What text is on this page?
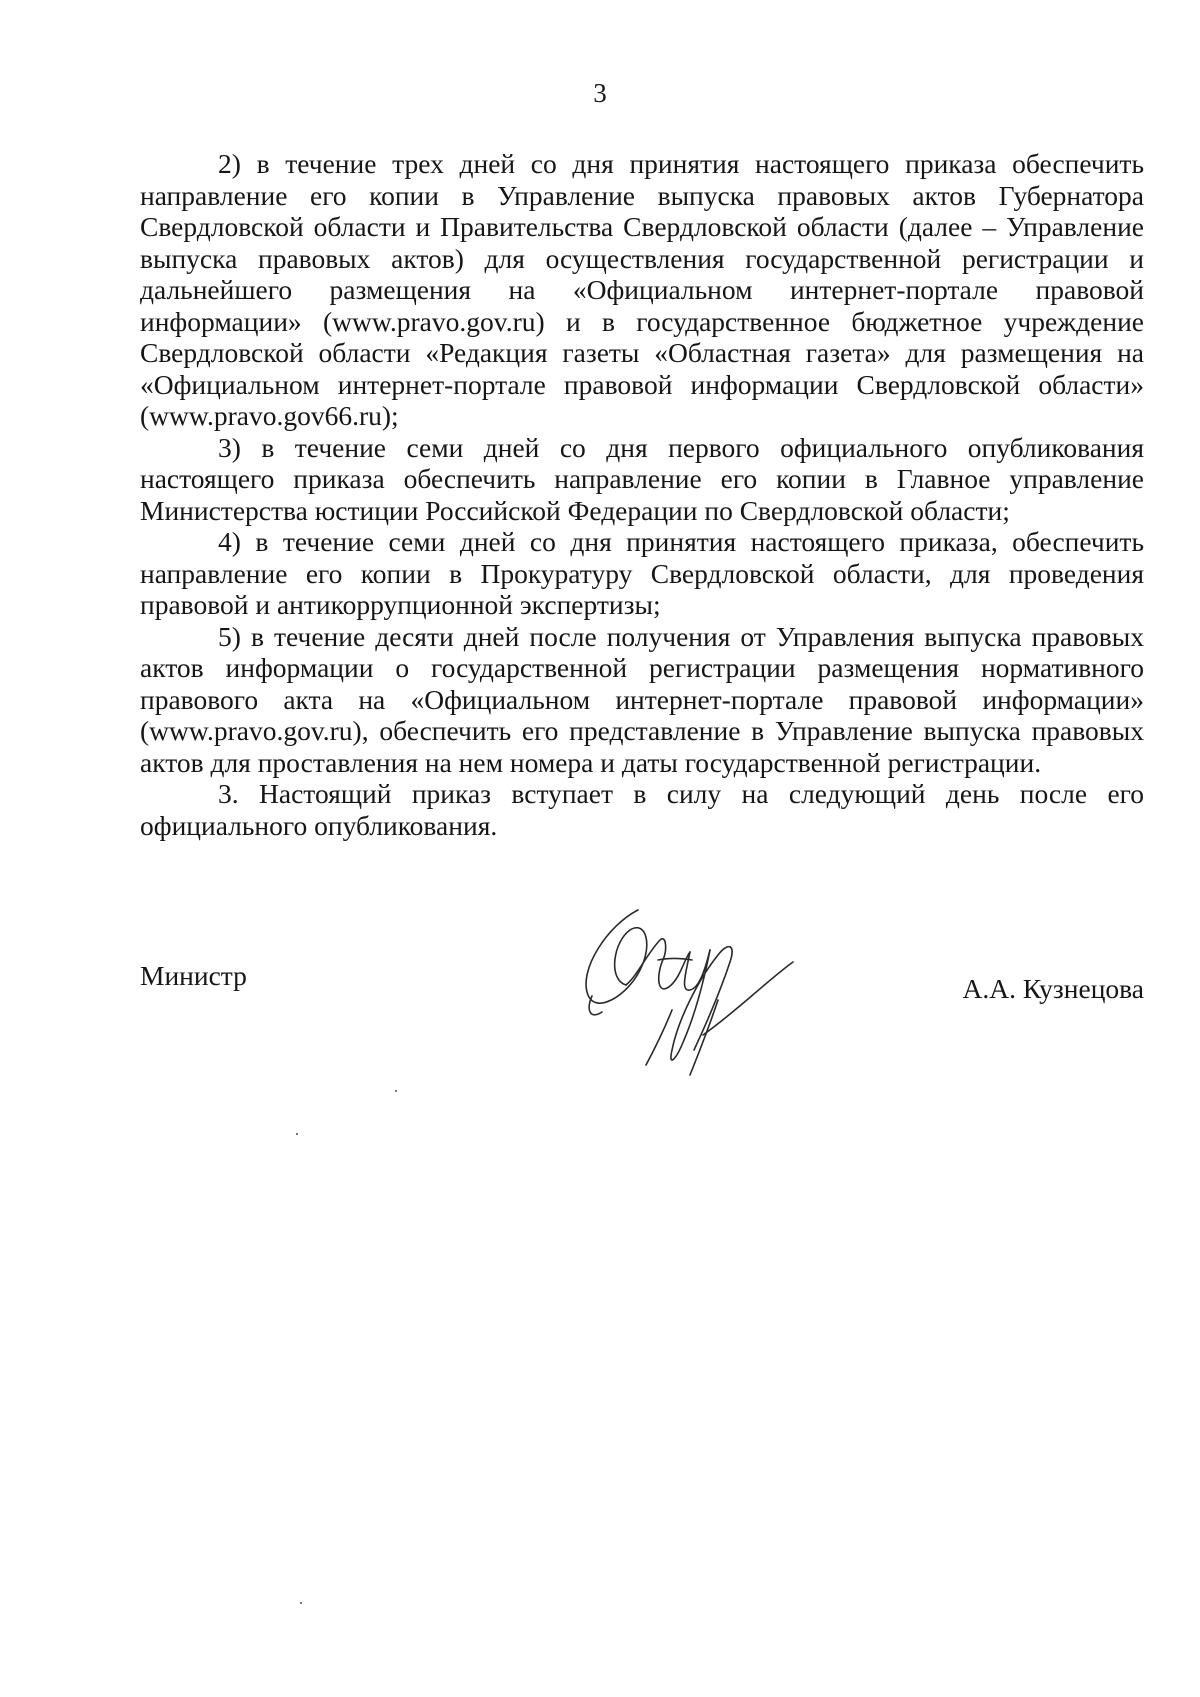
3

2) в течение трех дней со дня принятия настоящего приказа обеспечить направление его копии в Управление выпуска правовых актов Губернатора Свердловской области и Правительства Свердловской области (далее – Управление выпуска правовых актов) для осуществления государственной регистрации и дальнейшего размещения на «Официальном интернет-портале правовой информации» (www.pravo.gov.ru) и в государственное бюджетное учреждение Свердловской области «Редакция газеты «Областная газета» для размещения на «Официальном интернет-портале правовой информации Свердловской области» (www.pravo.gov66.ru);

3) в течение семи дней со дня первого официального опубликования настоящего приказа обеспечить направление его копии в Главное управление Министерства юстиции Российской Федерации по Свердловской области;

4) в течение семи дней со дня принятия настоящего приказа, обеспечить направление его копии в Прокуратуру Свердловской области, для проведения правовой и антикоррупционной экспертизы;

5) в течение десяти дней после получения от Управления выпуска правовых актов информации о государственной регистрации размещения нормативного правового акта на «Официальном интернет-портале правовой информации» (www.pravo.gov.ru), обеспечить его представление в Управление выпуска правовых актов для проставления на нем номера и даты государственной регистрации.

3. Настоящий приказ вступает в силу на следующий день после его официального опубликования.

Министр	А.А. Кузнецова
